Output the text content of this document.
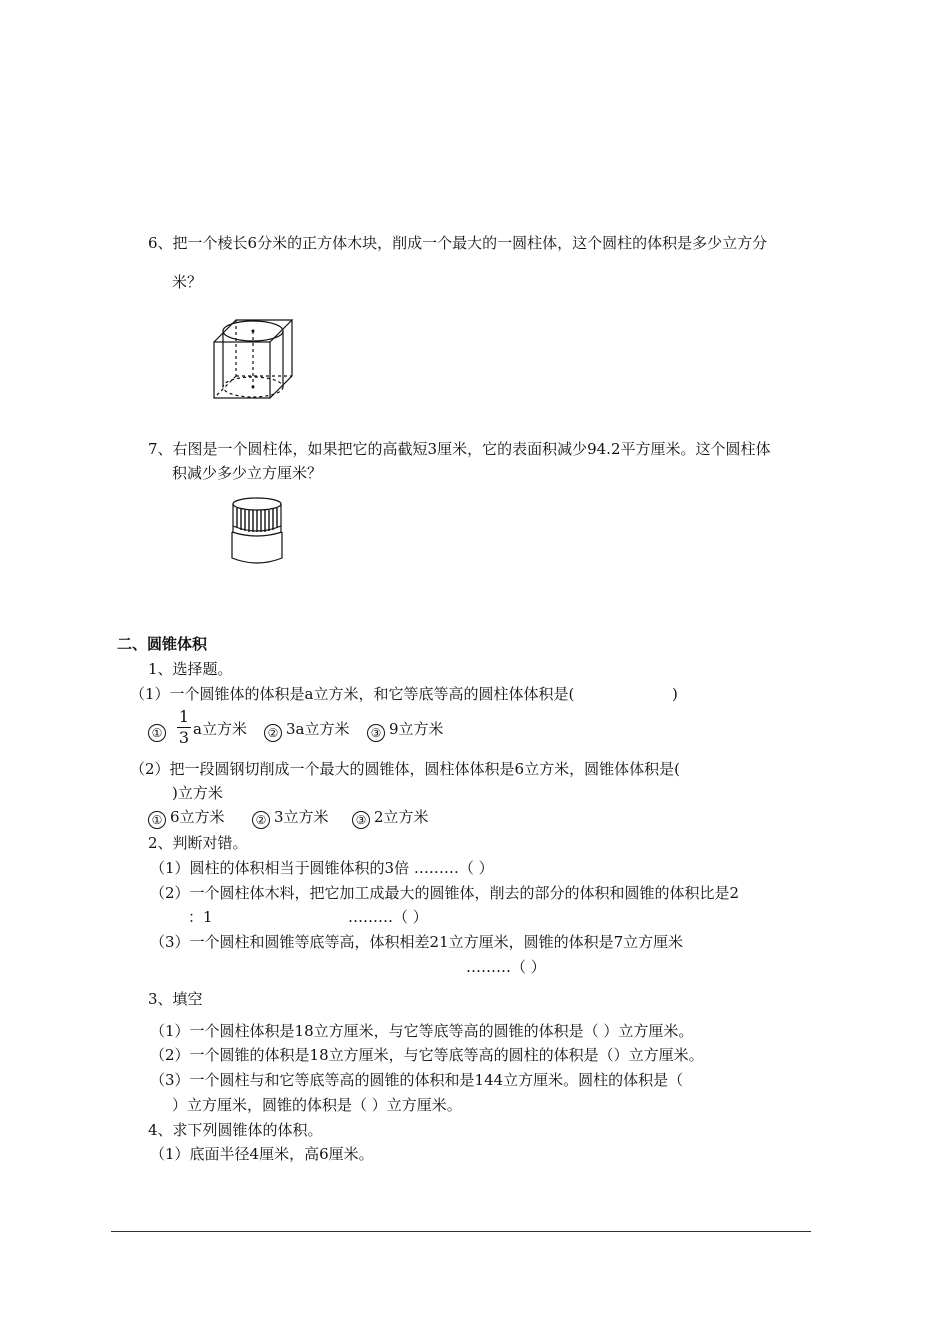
6、把一个棱长6分米的正方体木块，削成一个最大的一圆柱体，这个圆柱的体积是多少立方分
米？
7、右图是一个圆柱体，如果把它的高截短3厘米，它的表面积减少94.2平方厘米。这个圆柱体
积减少多少立方厘米？
二、圆锥体积
1、选择题。
（1）一个圆锥体的体积是a立方米，和它等底等高的圆柱体体积是(	)
①
1
3 a立方米	② 3a立方米	③ 9立方米
（2）把一段圆钢切削成一个最大的圆锥体，圆柱体体积是6立方米，圆锥体体积是(
)立方米
① 6立方米	② 3立方米	③ 2立方米
2、判断对错。
（1）圆柱的体积相当于圆锥体积的3倍 ………（ ）
（2）一个圆柱体木料，把它加工成最大的圆锥体，削去的部分的体积和圆锥的体积比是2
：1	………（ ）
（3）一个圆柱和圆锥等底等高，体积相差21立方厘米，圆锥的体积是7立方厘米
………（ ）
3、填空
（1）一个圆柱体积是18立方厘米，与它等底等高的圆锥的体积是（ ）立方厘米。
（2）一个圆锥的体积是18立方厘米，与它等底等高的圆柱的体积是（）立方厘米。
（3）一个圆柱与和它等底等高的圆锥的体积和是144立方厘米。圆柱的体积是（
）立方厘米，圆锥的体积是（ ）立方厘米。
4、求下列圆锥体的体积。
（1）底面半径4厘米，高6厘米。
